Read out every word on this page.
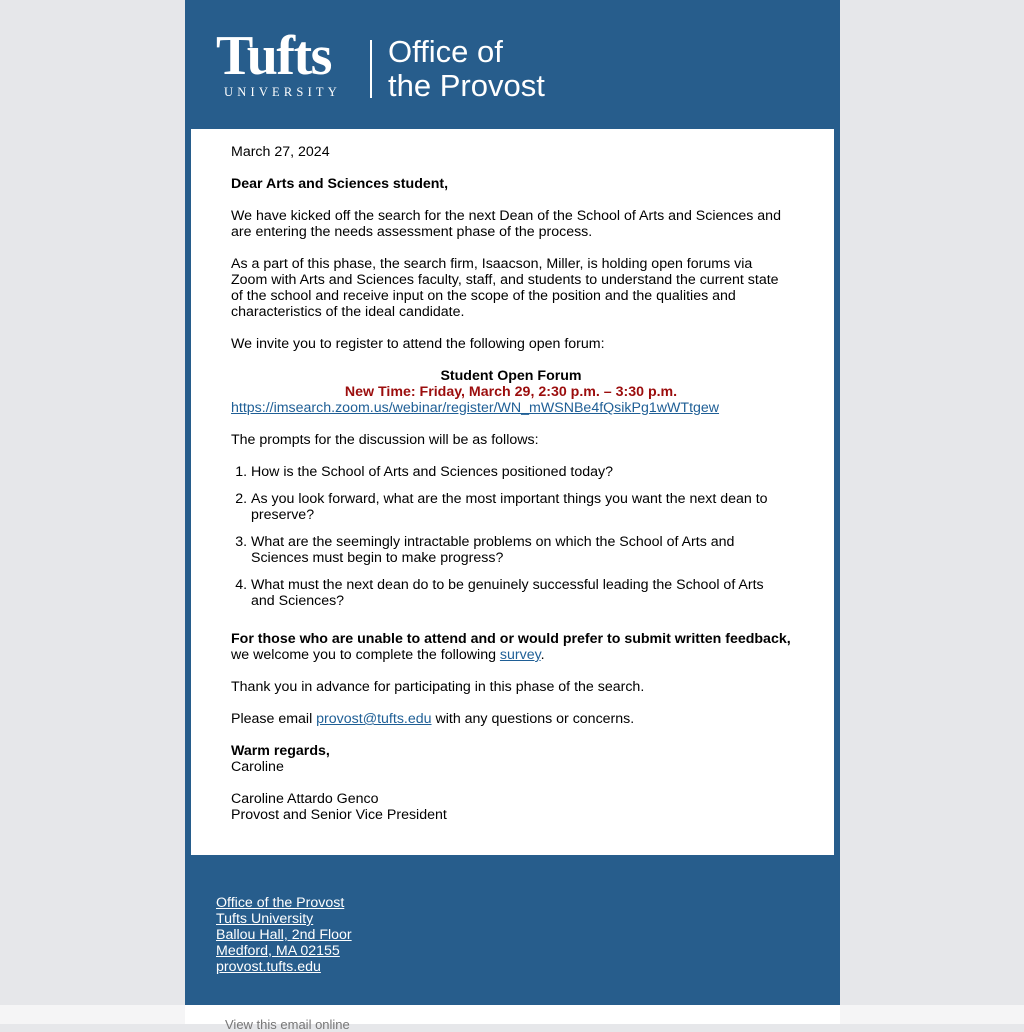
Tufts
UNIVERSITY
Office of
the Provost

March 27, 2024

Dear Arts and Sciences student,

We have kicked off the search for the next Dean of the School of Arts and Sciences and are entering the needs assessment phase of the process.

As a part of this phase, the search firm, Isaacson, Miller, is holding open forums via Zoom with Arts and Sciences faculty, staff, and students to understand the current state of the school and receive input on the scope of the position and the qualities and characteristics of the ideal candidate.

We invite you to register to attend the following open forum:

Student Open Forum
New Time: Friday, March 29, 2:30 p.m. – 3:30 p.m.

https://imsearch.zoom.us/webinar/register/WN_mWSNBe4fQsikPg1wWTtgew

The prompts for the discussion will be as follows:

1. How is the School of Arts and Sciences positioned today?
2. As you look forward, what are the most important things you want the next dean to preserve?
3. What are the seemingly intractable problems on which the School of Arts and Sciences must begin to make progress?
4. What must the next dean do to be genuinely successful leading the School of Arts and Sciences?

For those who are unable to attend and or would prefer to submit written feedback, we welcome you to complete the following survey.

Thank you in advance for participating in this phase of the search.

Please email provost@tufts.edu with any questions or concerns.

Warm regards,
Caroline

Caroline Attardo Genco
Provost and Senior Vice President

Office of the Provost
Tufts University
Ballou Hall, 2nd Floor
Medford, MA 02155
provost.tufts.edu
View this email online
